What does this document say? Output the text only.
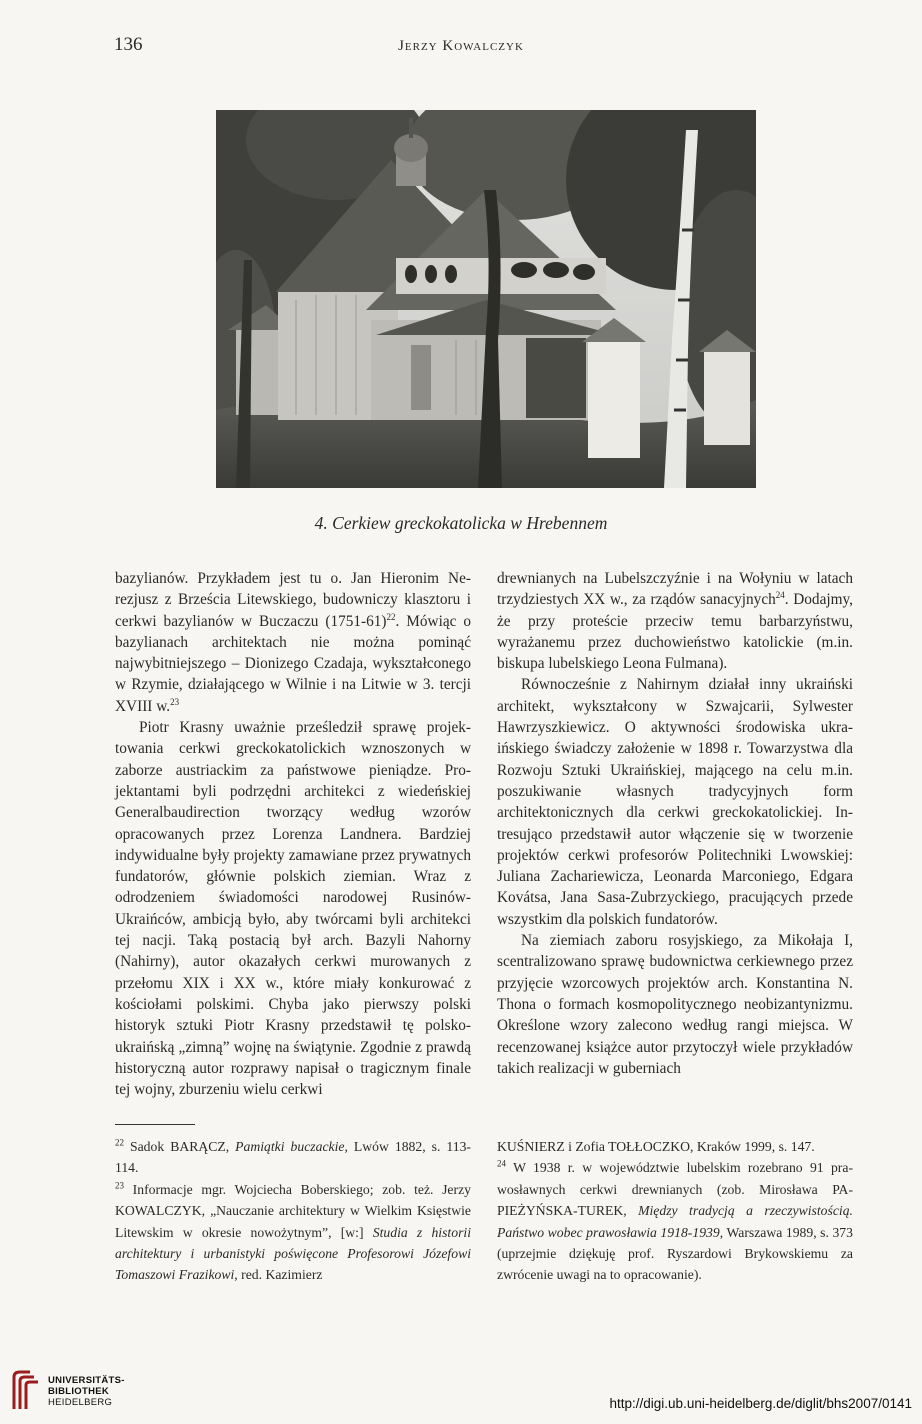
136	Jerzy Kowalczyk
4. Cerkiew greckokatolicka w Hrebennem

bazylianów. Przykładem jest tu o. Jan Hieronim Nerezjusz z Brześcia Litewskiego, budowniczy klasztoru i cerkwi bazylianów w Buczaczu (1751-61)$^{22}$. Mówiąc o bazylianach architektach nie można pominąć najwybitniejszego – Dionizego Czadaja, wykształconego w Rzymie, działającego w Wilnie i na Litwie w 3. tercji XVIII w.$^{23}$

Piotr Krasny uważnie prześledził sprawę projektowania cerkwi greckokatolickich wznoszonych w zaborze austriackim za państwowe pieniądze. Projektantami byli podrzędni architekci z wiedeńskiej Generalbaudirection tworzący według wzorów opracowanych przez Lorenza Landnera. Bardziej indywidualne były projekty zamawiane przez prywatnych fundatorów, głównie polskich ziemian. Wraz z odrodzeniem świadomości narodowej Rusinów-Ukraińców, ambicją było, aby twórcami byli architekci tej nacji. Taką postacią był arch. Bazyli Nahorny (Nahirny), autor okazałych cerkwi murowanych z przełomu XIX i XX w., które miały konkurować z kościołami polskimi. Chyba jako pierwszy polski historyk sztuki Piotr Krasny przedstawił tę polsko-ukraińską „zimną” wojnę na świątynie. Zgodnie z prawdą historyczną autor rozprawy napisał o tragicznym finale tej wojny, zburzeniu wielu cerkwi

drewnianych na Lubelszczyźnie i na Wołyniu w latach trzydziestych XX w., za rządów sanacyjnych$^{24}$. Dodajmy, że przy proteście przeciw temu barbarzyństwu, wyrażanemu przez duchowieństwo katolickie (m.in. biskupa lubelskiego Leona Fulmana).

Równocześnie z Nahirnym działał inny ukraiński architekt, wykształcony w Szwajcarii, Sylwester Hawrzyszkiewicz. O aktywności środowiska ukraińskiego świadczy założenie w 1898 r. Towarzystwa dla Rozwoju Sztuki Ukraińskiej, mającego na celu m.in. poszukiwanie własnych tradycyjnych form architektonicznych dla cerkwi greckokatolickiej. Intresująco przedstawił autor włączenie się w tworzenie projektów cerkwi profesorów Politechniki Lwowskiej: Juliana Zachariewicza, Leonarda Marconiego, Edgara Kovátsa, Jana Sasa-Zubrzyckiego, pracujących przede wszystkim dla polskich fundatorów.

Na ziemiach zaboru rosyjskiego, za Mikołaja I, scentralizowano sprawę budownictwa cerkiewnego przez przyjęcie wzorcowych projektów arch. Konstantina N. Thona o formach kosmopolitycznego neobizantynizmu. Określone wzory zalecono według rangi miejsca. W recenzowanej książce autor przytoczył wiele przykładów takich realizacji w guberniach

$^{22}$ Sadok BARĄCZ, Pamiątki buczackie, Lwów 1882, s. 113-114.

$^{23}$ Informacje mgr. Wojciecha Boberskiego; zob. też. Jerzy KOWALCZYK, „Nauczanie architektury w Wielkim Księstwie Litewskim w okresie nowożytnym”, [w:] Studia z historii architektury i urbanistyki poświęcone Profesorowi Józefowi Tomaszowi Frazikowi, red. Kazimierz

KUŚNIERZ i Zofia TOŁŁOCZKO, Kraków 1999, s. 147.

$^{24}$ W 1938 r. w województwie lubelskim rozebrano 91 prawosławnych cerkwi drewnianych (zob. Mirosława PAPIEŻYŃSKA-TUREK, Między tradycją a rzeczywistością. Państwo wobec prawosławia 1918-1939, Warszawa 1989, s. 373 (uprzejmie dziękuję prof. Ryszardowi Brykowskiemu za zwrócenie uwagi na to opracowanie).

UNIVERSITÄTS-
BIBLIOTHEK
HEIDELBERG	http://digi.ub.uni-heidelberg.de/diglit/bhs2007/0141
